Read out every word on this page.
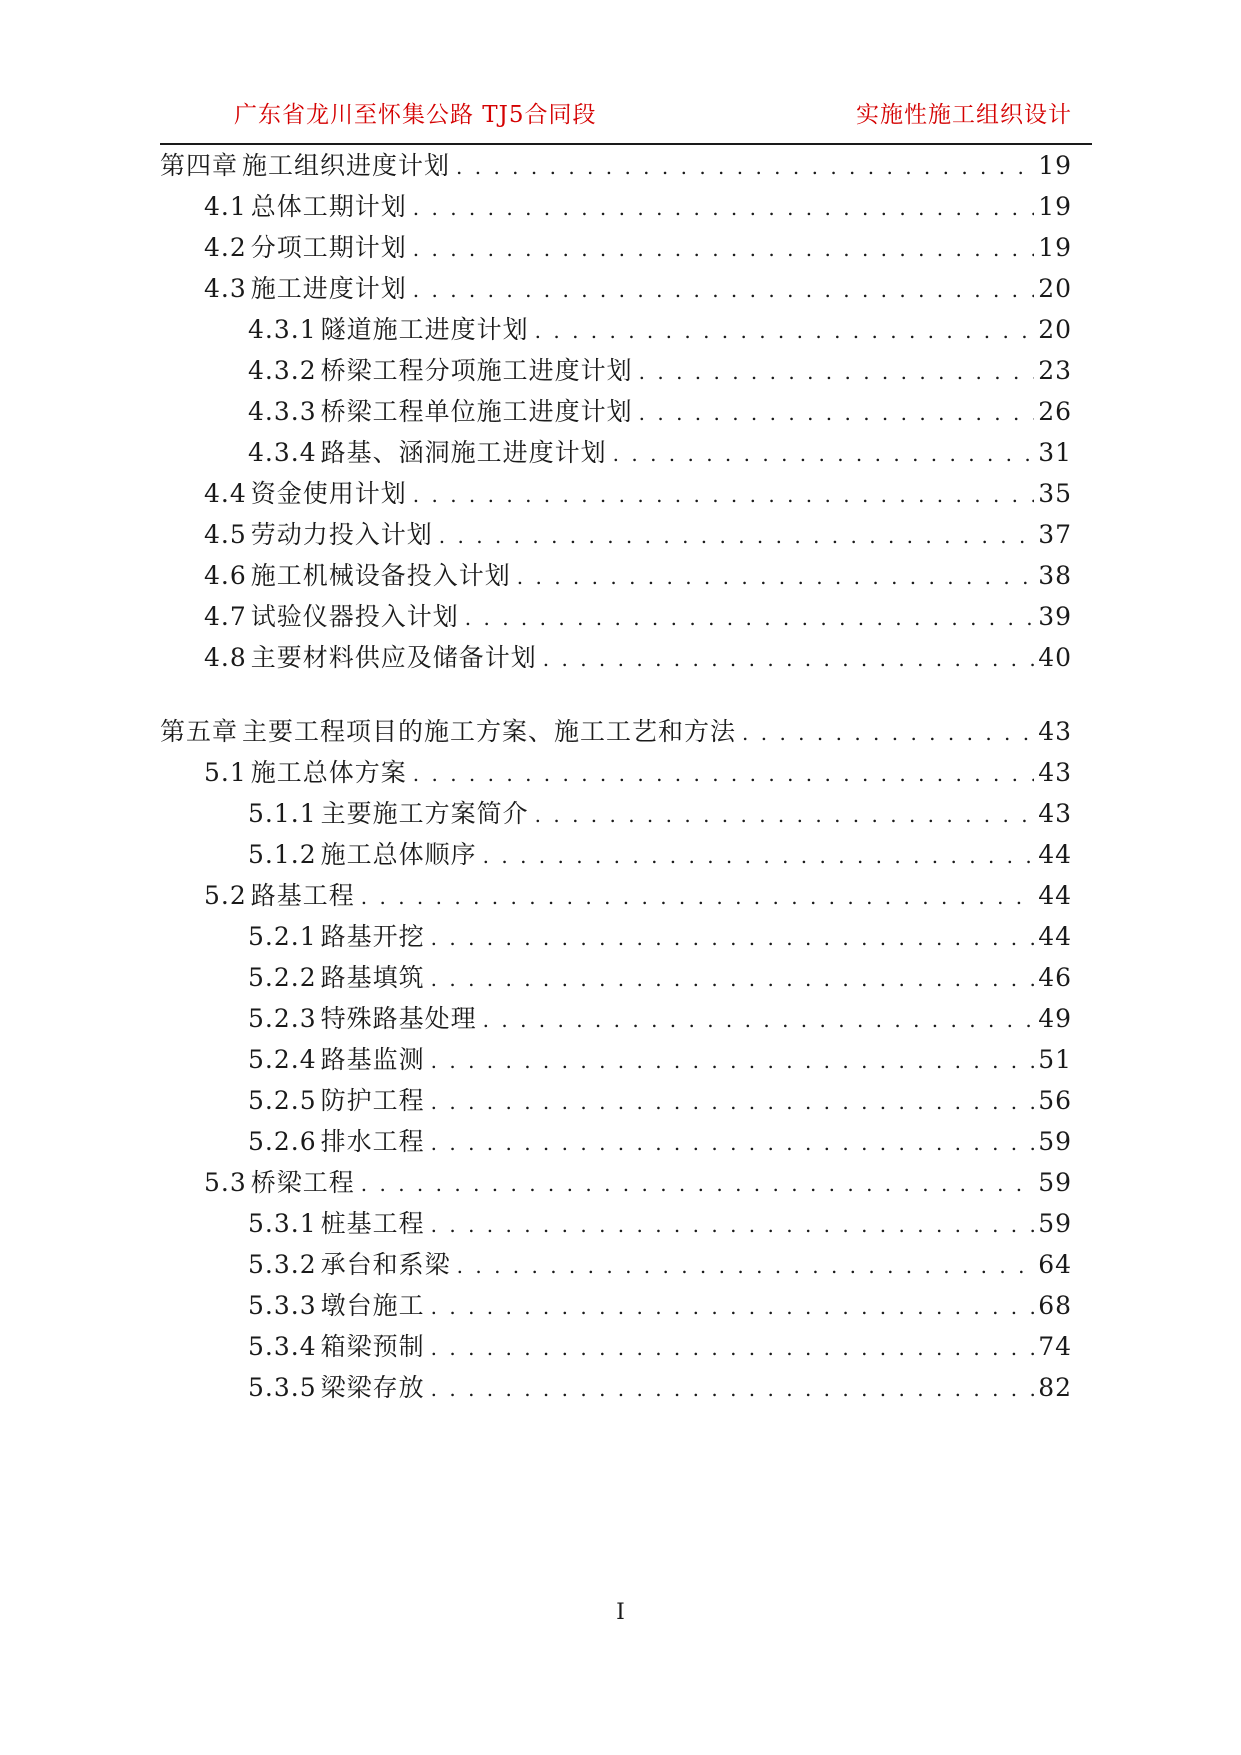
广东省龙川至怀集公路 TJ5合同段	实施性施工组织设计
第四章 施工组织进度计划 . . .	19
4.1 总体工期计划 . . .	19
4.2 分项工期计划 . . .	19
4.3 施工进度计划 . . .	20
4.3.1 隧道施工进度计划 . . .	20
4.3.2 桥梁工程分项施工进度计划 . . .	23
4.3.3 桥梁工程单位施工进度计划 . . .	26
4.3.4 路基、涵洞施工进度计划 . . .	31
4.4 资金使用计划 . . .	35
4.5 劳动力投入计划 . . .	37
4.6 施工机械设备投入计划 . . .	38
4.7 试验仪器投入计划 . . .	39
4.8 主要材料供应及储备计划 . . .	40
第五章 主要工程项目的施工方案、施工工艺和方法 . . .	43
5.1 施工总体方案 . . .	43
5.1.1 主要施工方案简介 . . .	43
5.1.2 施工总体顺序 . . .	44
5.2 路基工程 . . .	44
5.2.1 路基开挖 . . .	44
5.2.2 路基填筑 . . .	46
5.2.3 特殊路基处理 . . .	49
5.2.4 路基监测 . . .	51
5.2.5 防护工程 . . .	56
5.2.6 排水工程 . . .	59
5.3 桥梁工程 . . .	59
5.3.1 桩基工程 . . .	59
5.3.2 承台和系梁 . . .	64
5.3.3 墩台施工 . . .	68
5.3.4 箱梁预制 . . .	74
5.3.5 梁梁存放 . . .	82
I
